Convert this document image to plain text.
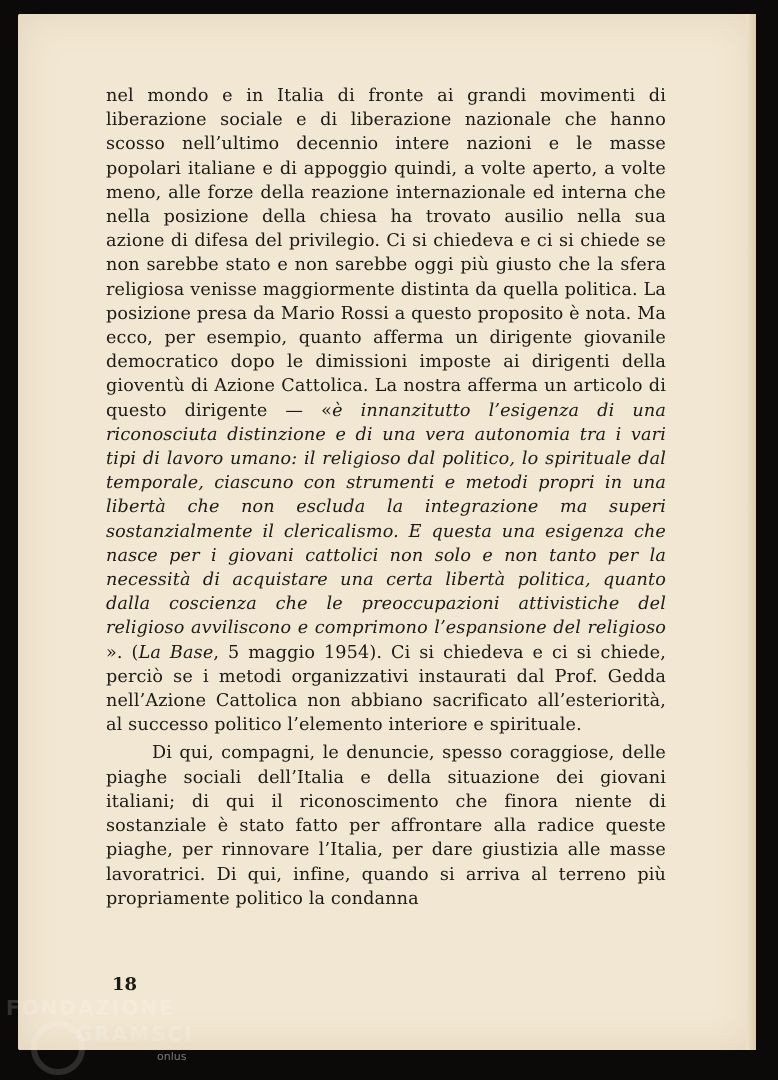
nel mondo e in Italia di fronte ai grandi movimenti di liberazione sociale e di liberazione nazionale che hanno scosso nell’ultimo decennio intere nazioni e le masse popolari italiane e di appoggio quindi, a volte aperto, a volte meno, alle forze della reazione internazionale ed interna che nella posizione della chiesa ha trovato ausilio nella sua azione di difesa del privilegio. Ci si chiedeva e ci si chiede se non sarebbe stato e non sarebbe oggi più giusto che la sfera religiosa venisse maggiormente distinta da quella politica. La posizione presa da Mario Rossi a questo proposito è nota. Ma ecco, per esempio, quanto afferma un dirigente giovanile democratico dopo le dimissioni imposte ai dirigenti della gioventù di Azione Cattolica. La nostra afferma un articolo di questo dirigente — «è innanzitutto l’esigenza di una riconosciuta distinzione e di una vera autonomia tra i vari tipi di lavoro umano: il religioso dal politico, lo spirituale dal temporale, ciascuno con strumenti e metodi propri in una libertà che non escluda la integrazione ma superi sostanzialmente il clericalismo. E questa una esigenza che nasce per i giovani cattolici non solo e non tanto per la necessità di acquistare una certa libertà politica, quanto dalla coscienza che le preoccupazioni attivistiche del religioso avviliscono e comprimono l’espansione del religioso ». (La Base, 5 maggio 1954). Ci si chiedeva e ci si chiede, perciò se i metodi organizzativi instaurati dal Prof. Gedda nell’Azione Cattolica non abbiano sacrificato all’esteriorità, al successo politico l’elemento interiore e spirituale.

Di qui, compagni, le denuncie, spesso coraggiose, delle piaghe sociali dell’Italia e della situazione dei giovani italiani; di qui il riconoscimento che finora niente di sostanziale è stato fatto per affrontare alla radice queste piaghe, per rinnovare l’Italia, per dare giustizia alle masse lavoratrici. Di qui, infine, quando si arriva al terreno più propriamente politico la condanna

18
FONDAZIONE
GRAMSCI
onlus
